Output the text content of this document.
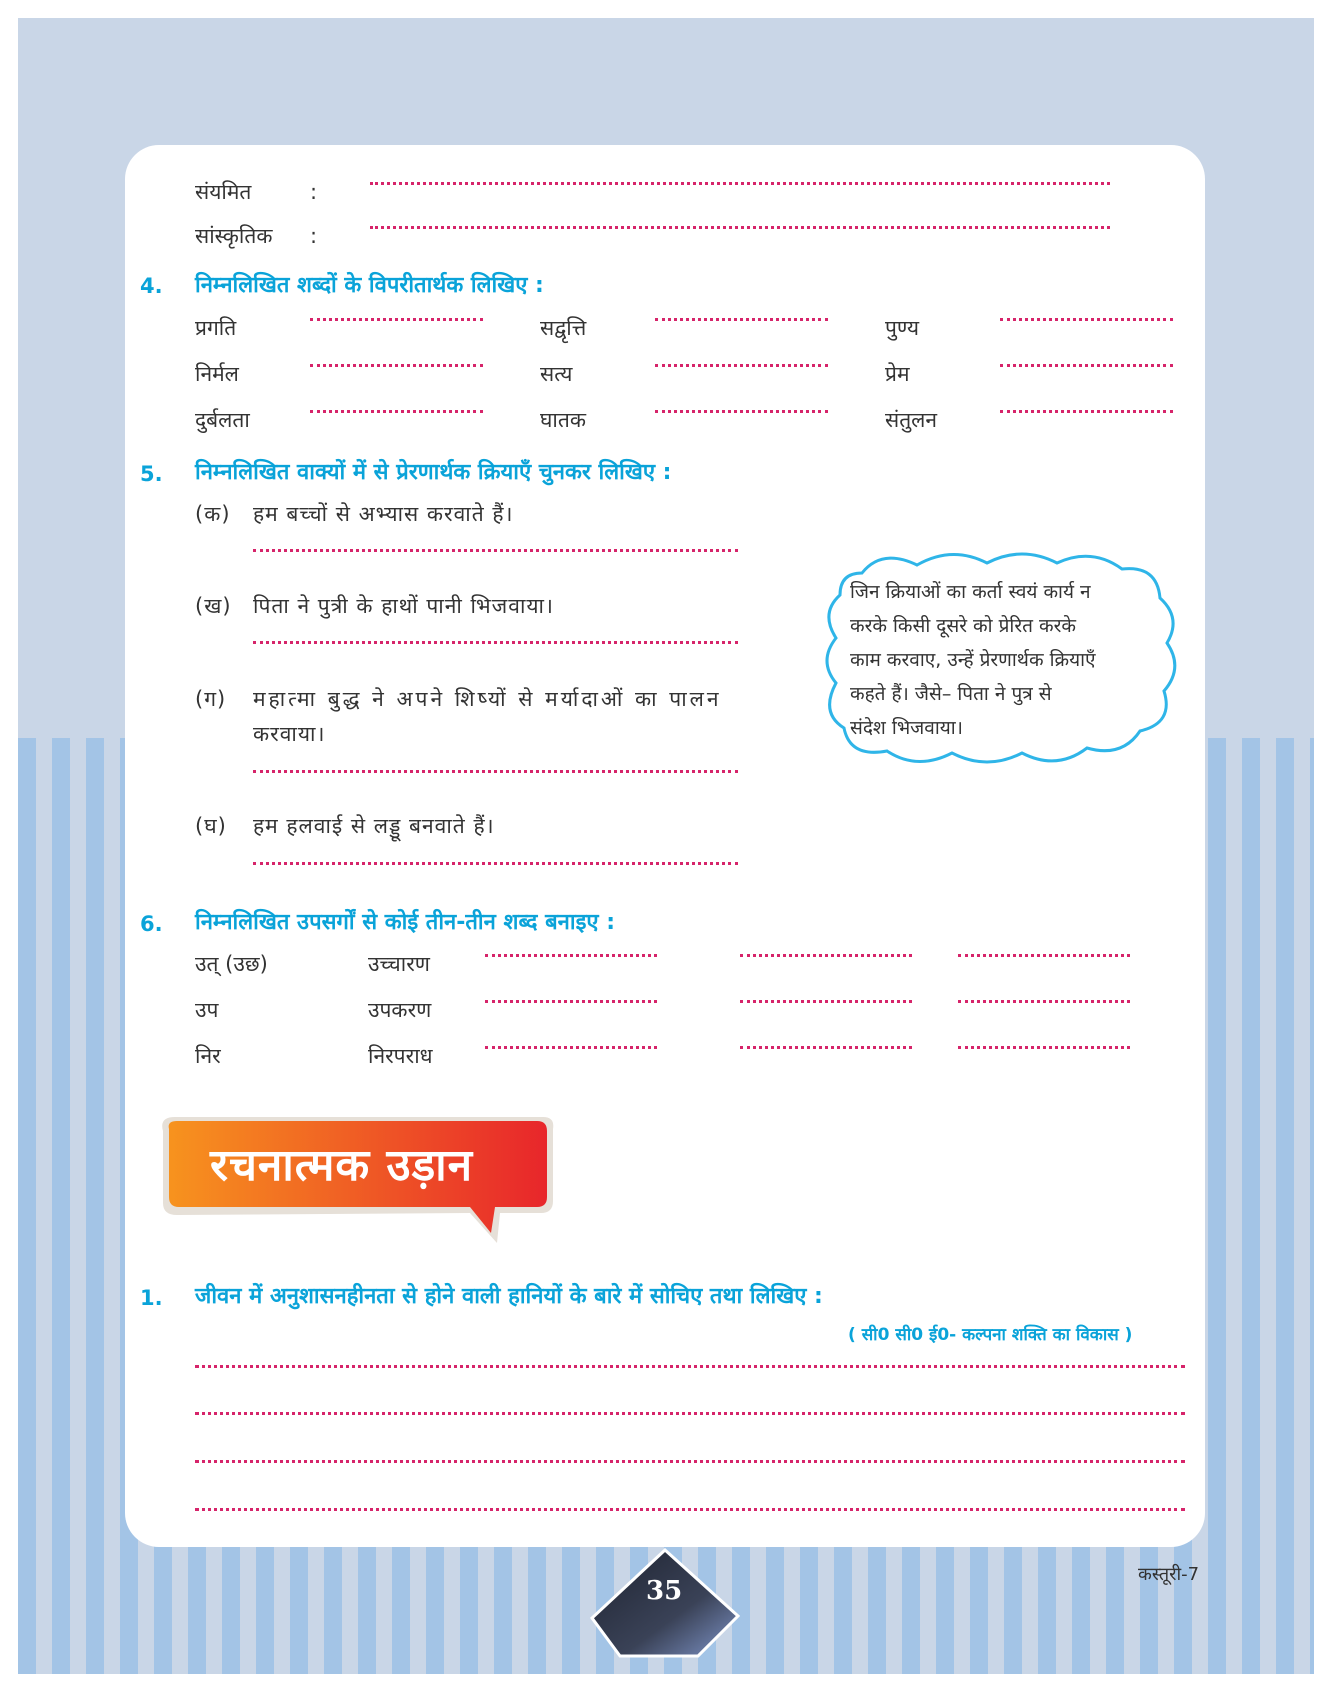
संयमित	:
सांस्कृतिक :
4. निम्नलिखित शब्दों के विपरीतार्थक लिखिए :
प्रगति	सद्वृत्ति	पुण्य
निर्मल	सत्य	प्रेम
दुर्बलता	घातक	संतुलन
5. निम्नलिखित वाक्यों में से प्रेरणार्थक क्रियाएँ चुनकर लिखिए :
(क) हम बच्चों से अभ्यास करवाते हैं।
(ख) पिता ने पुत्री के हाथों पानी भिजवाया।
(ग) महात्मा बुद्ध ने अपने शिष्यों से मर्यादाओं का पालन
करवाया।
(घ) हम हलवाई से लड्डू बनवाते हैं।
जिन क्रियाओं का कर्ता स्वयं कार्य न
करके किसी दूसरे को प्रेरित करके
काम करवाए, उन्हें प्रेरणार्थक क्रियाएँ
कहते हैं। जैसे– पिता ने पुत्र से
संदेश भिजवाया।
6. निम्नलिखित उपसर्गों से कोई तीन-तीन शब्द बनाइए :
उत् (उछ)	उच्चारण
उप	उपकरण
निर	निरपराध
रचनात्मक उड़ान
1. जीवन में अनुशासनहीनता से होने वाली हानियों के बारे में सोचिए तथा लिखिए :
( सी0 सी0 ई0- कल्पना शक्ति का विकास )
कस्तूरी-7
35
